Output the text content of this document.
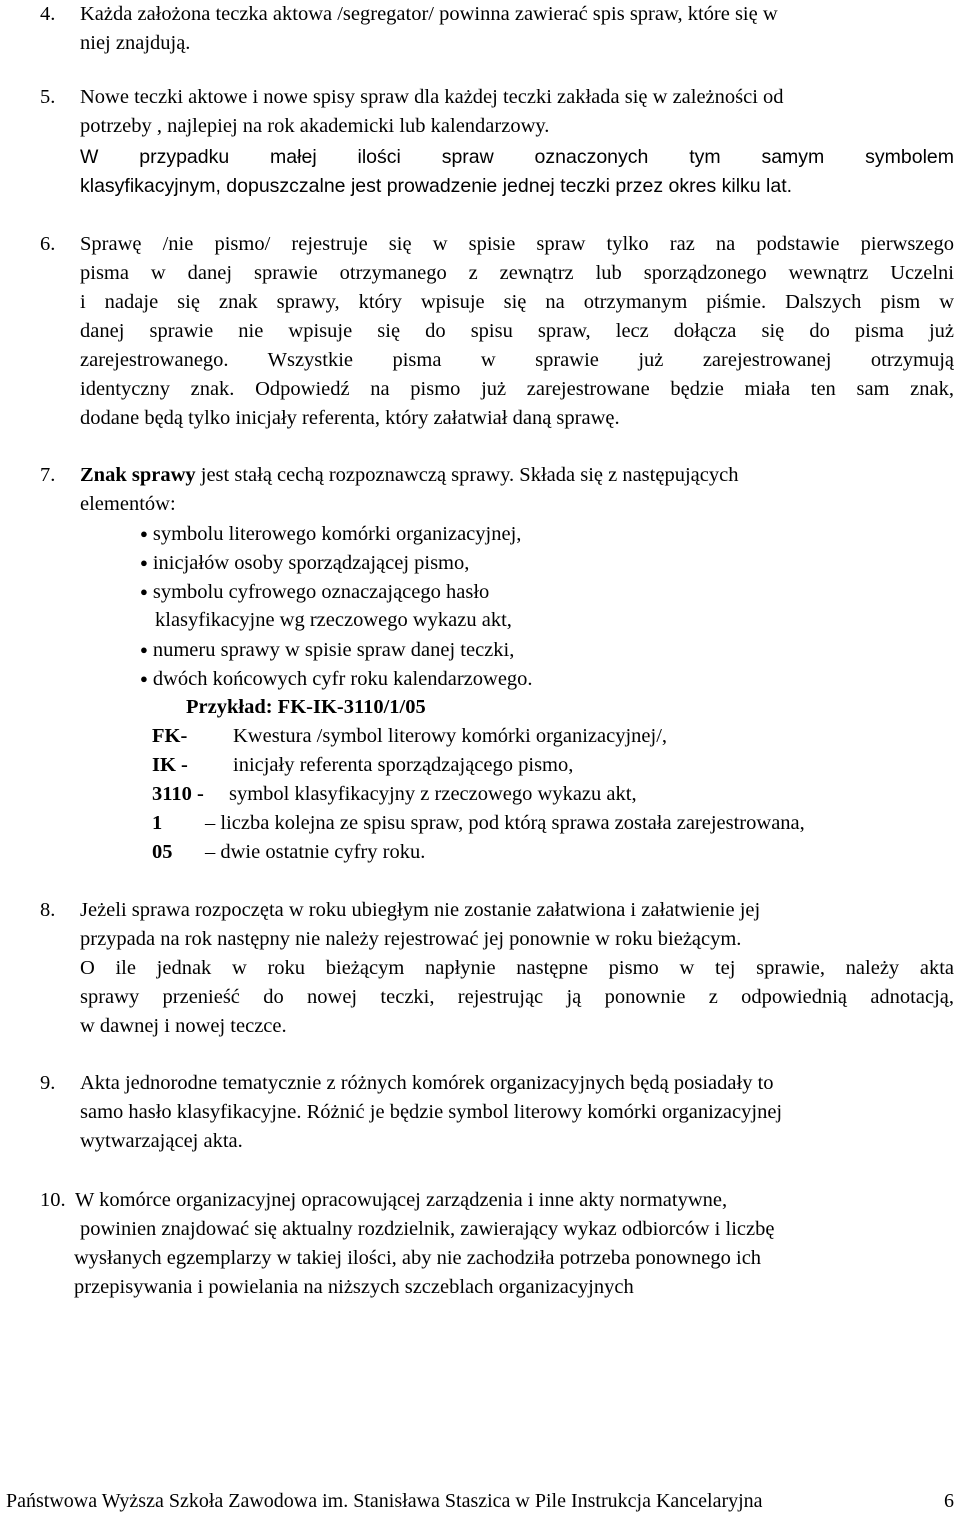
4. Każda założona teczka aktowa /segregator/ powinna zawierać spis spraw, które się w

niej znajdują.

5. Nowe teczki aktowe i nowe spisy spraw dla każdej teczki zakłada się w zależności od

potrzeby , najlepiej na rok akademicki lub kalendarzowy.

W przypadku małej ilości spraw oznaczonych tym samym symbolem

klasyfikacyjnym, dopuszczalne jest prowadzenie jednej teczki przez okres kilku lat.

6. Sprawę /nie pismo/ rejestruje się w spisie spraw tylko raz na podstawie pierwszego

pisma w danej sprawie otrzymanego z zewnątrz lub sporządzonego wewnątrz Uczelni

i nadaje się znak sprawy, który wpisuje się na otrzymanym piśmie. Dalszych pism w

danej sprawie nie wpisuje się do spisu spraw, lecz dołącza się do pisma już

zarejestrowanego. Wszystkie pisma w sprawie już zarejestrowanej otrzymują

identyczny znak. Odpowiedź na pismo już zarejestrowane będzie miała ten sam znak,

dodane będą tylko inicjały referenta, który załatwiał daną sprawę.

7. Znak sprawy jest stałą cechą rozpoznawczą sprawy. Składa się z następujących

elementów:

● symbolu literowego komórki organizacyjnej,

● inicjałów osoby sporządzającej pismo,

● symbolu cyfrowego oznaczającego hasło

klasyfikacyjne wg rzeczowego wykazu akt,

● numeru sprawy w spisie spraw danej teczki,

● dwóch końcowych cyfr roku kalendarzowego.

Przykład: FK-IK-3110/1/05

FK- Kwestura /symbol literowy komórki organizacyjnej/,
IK - inicjały referenta sporządzającego pismo,
3110 - symbol klasyfikacyjny z rzeczowego wykazu akt,
1 – liczba kolejna ze spisu spraw, pod którą sprawa została zarejestrowana,
05 – dwie ostatnie cyfry roku.
8. Jeżeli sprawa rozpoczęta w roku ubiegłym nie zostanie załatwiona i załatwienie jej

przypada na rok następny nie należy rejestrować jej ponownie w roku bieżącym.

O ile jednak w roku bieżącym napłynie następne pismo w tej sprawie, należy akta

sprawy przenieść do nowej teczki, rejestrując ją ponownie z odpowiednią adnotacją,

w dawnej i nowej teczce.

9. Akta jednorodne tematycznie z różnych komórek organizacyjnych będą posiadały to

samo hasło klasyfikacyjne. Różnić je będzie symbol literowy komórki organizacyjnej

wytwarzającej akta.

10. W komórce organizacyjnej opracowującej zarządzenia i inne akty normatywne,

powinien znajdować się aktualny rozdzielnik, zawierający wykaz odbiorców i liczbę

wysłanych egzemplarzy w takiej ilości, aby nie zachodziła potrzeba ponownego ich

przepisywania i powielania na niższych szczeblach organizacyjnych

Państwowa Wyższa Szkoła Zawodowa im. Stanisława Staszica w Pile Instrukcja Kancelaryjna	6
